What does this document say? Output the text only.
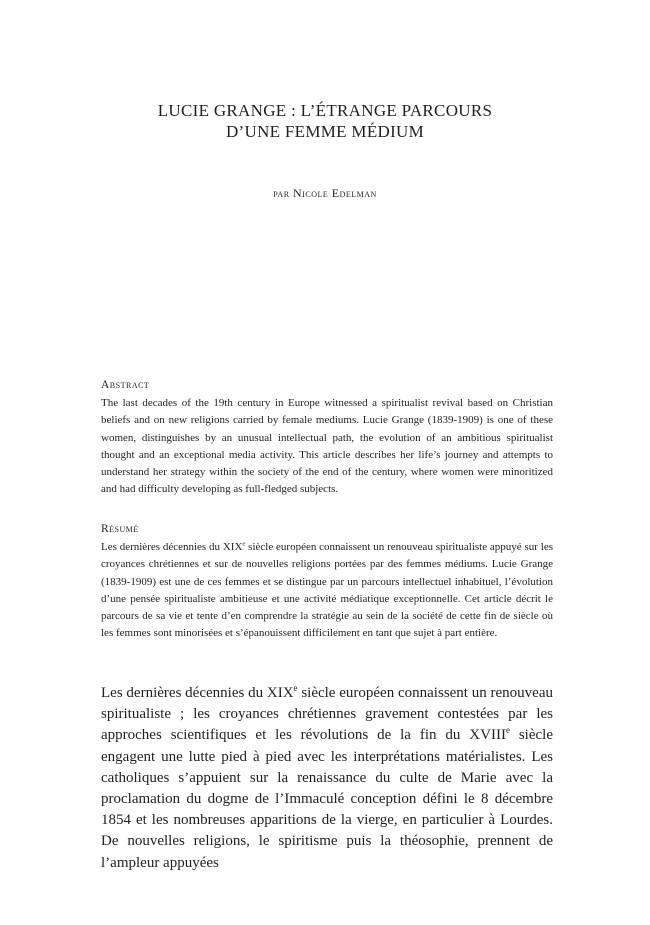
LUCIE GRANGE : L’ÉTRANGE PARCOURS
D’UNE FEMME MÉDIUM
par Nicole Edelman
Abstract

The last decades of the 19th century in Europe witnessed a spiritualist revival based on Christian beliefs and on new religions carried by female mediums. Lucie Grange (1839-1909) is one of these women, distinguishes by an unusual intellectual path, the evolution of an ambitious spiritualist thought and an exceptional media activity. This article describes her life’s journey and attempts to understand her strategy within the society of the end of the century, where women were minoritized and had difficulty developing as full-fledged subjects.

Résumé

Les dernières décennies du XIXe siècle européen connaissent un renouveau spiritualiste appuyé sur les croyances chrétiennes et sur de nouvelles religions portées par des femmes médiums. Lucie Grange (1839-1909) est une de ces femmes et se distingue par un parcours intellectuel inhabituel, l’évolution d’une pensée spiritualiste ambitieuse et une activité médiatique exceptionnelle. Cet article décrit le parcours de sa vie et tente d’en comprendre la stratégie au sein de la société de cette fin de siècle où les femmes sont minorisées et s’épanouissent difficilement en tant que sujet à part entière.

Les dernières décennies du XIXe siècle européen connaissent un renouveau spiritualiste ; les croyances chrétiennes gravement contestées par les approches scientifiques et les révolutions de la fin du XVIIIe siècle engagent une lutte pied à pied avec les interprétations matérialistes. Les catholiques s’appuient sur la renaissance du culte de Marie avec la proclamation du dogme de l’Immaculé conception défini le 8 décembre 1854 et les nombreuses apparitions de la vierge, en particulier à Lourdes. De nouvelles religions, le spiritisme puis la théosophie, prennent de l’ampleur appuyées
